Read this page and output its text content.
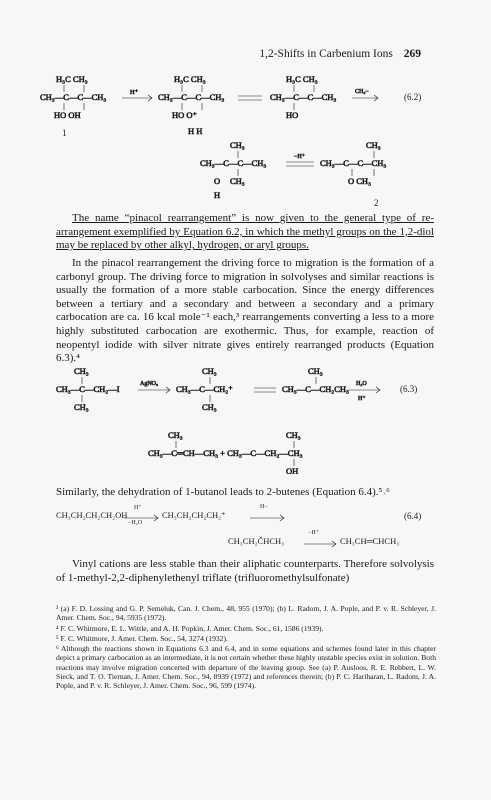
1,2-Shifts in Carbenium Ions 269
CH₃—C—C—CH₃
H₃C CH₃
HO OH
H⁺ CH₃—C—C—CH₃
H₃C CH₃
HO O⁺
H H
CH₃—C—C—CH₃
H₃C CH₃
HO
CH₃−	(6.2)
1
CH₃
CH₃—C—C—CH₃
CH₃
O
H
−H⁺
CH₃
CH₃—C—C—CH₃
O CH₃
2

The name “pinacol rearrangement” is now given to the general type of re-arrangement exemplified by Equation 6.2, in which the methyl groups on the 1,2-diol may be replaced by other alkyl, hydrogen, or aryl groups.

In the pinacol rearrangement the driving force to migration is the formation of a carbonyl group. The driving force to migration in solvolyses and similar reactions is usually the formation of a more stable carbocation. Since the energy differences between a tertiary and a secondary and between a secondary and a primary carbocation are ca. 16 kcal mole⁻¹ each,³ rearrangements converting a less to a more highly substituted carbocation are exothermic. Thus, for example, reaction of neopentyl iodide with silver nitrate gives entirely rearranged products (Equation 6.3).⁴

CH₃
CH₃—C—CH₂—I
CH₃
AgNO₃
CH₃
CH₃—C—CH₂⁺
CH₃
CH₃
CH₃—C—CH₂CH₃ H₂O
H⁺
CH₃
CH₃—C═CH—CH₃ + CH₃—C—CH₂—CH₃
CH₃
OH
(6.3)

Similarly, the dehydration of 1-butanol leads to 2-butenes (Equation 6.4).⁵˒⁶

CH₃CH₂CH₂CH₂OH
H⁺
−H₂O
CH₃CH₂CH₂CH₂⁺
H−
(6.4)
CH₃CH₂ČHCH₃
−H⁺
CH₃CH═CHCH₃

Vinyl cations are less stable than their aliphatic counterparts. Therefore solvolysis of 1-methyl-2,2-diphenylethenyl triflate (trifluoromethylsulfonate)

³ (a) F. D. Lossing and G. P. Semeluk, Can. J. Chem., 48, 955 (1970); (b) L. Radom, J. A. Pople, and P. v. R. Schleyer, J. Amer. Chem. Soc., 94, 5935 (1972).

⁴ F. C. Whitmore, E. L. Wittle, and A. H. Popkin, J. Amer. Chem. Soc., 61, 1586 (1939).

⁵ F. C. Whitmore, J. Amer. Chem. Soc., 54, 3274 (1932).

⁶ Although the reactions shown in Equations 6.3 and 6.4, and in some equations and schemes found later in this chapter depict a primary carbocation as an intermediate, it is not certain whether these highly unstable species exist in solution. Both reactions may involve migration concerted with departure of the leaving group. See (a) P. Ausloos, R. E. Rebbert, L. W. Sieck, and T. O. Tiernan, J. Amer. Chem. Soc., 94, 8939 (1972) and references therein; (b) P. C. Hariharan, L. Radom, J. A. Pople, and P. v. R. Schleyer, J. Amer. Chem. Soc., 96, 599 (1974).
